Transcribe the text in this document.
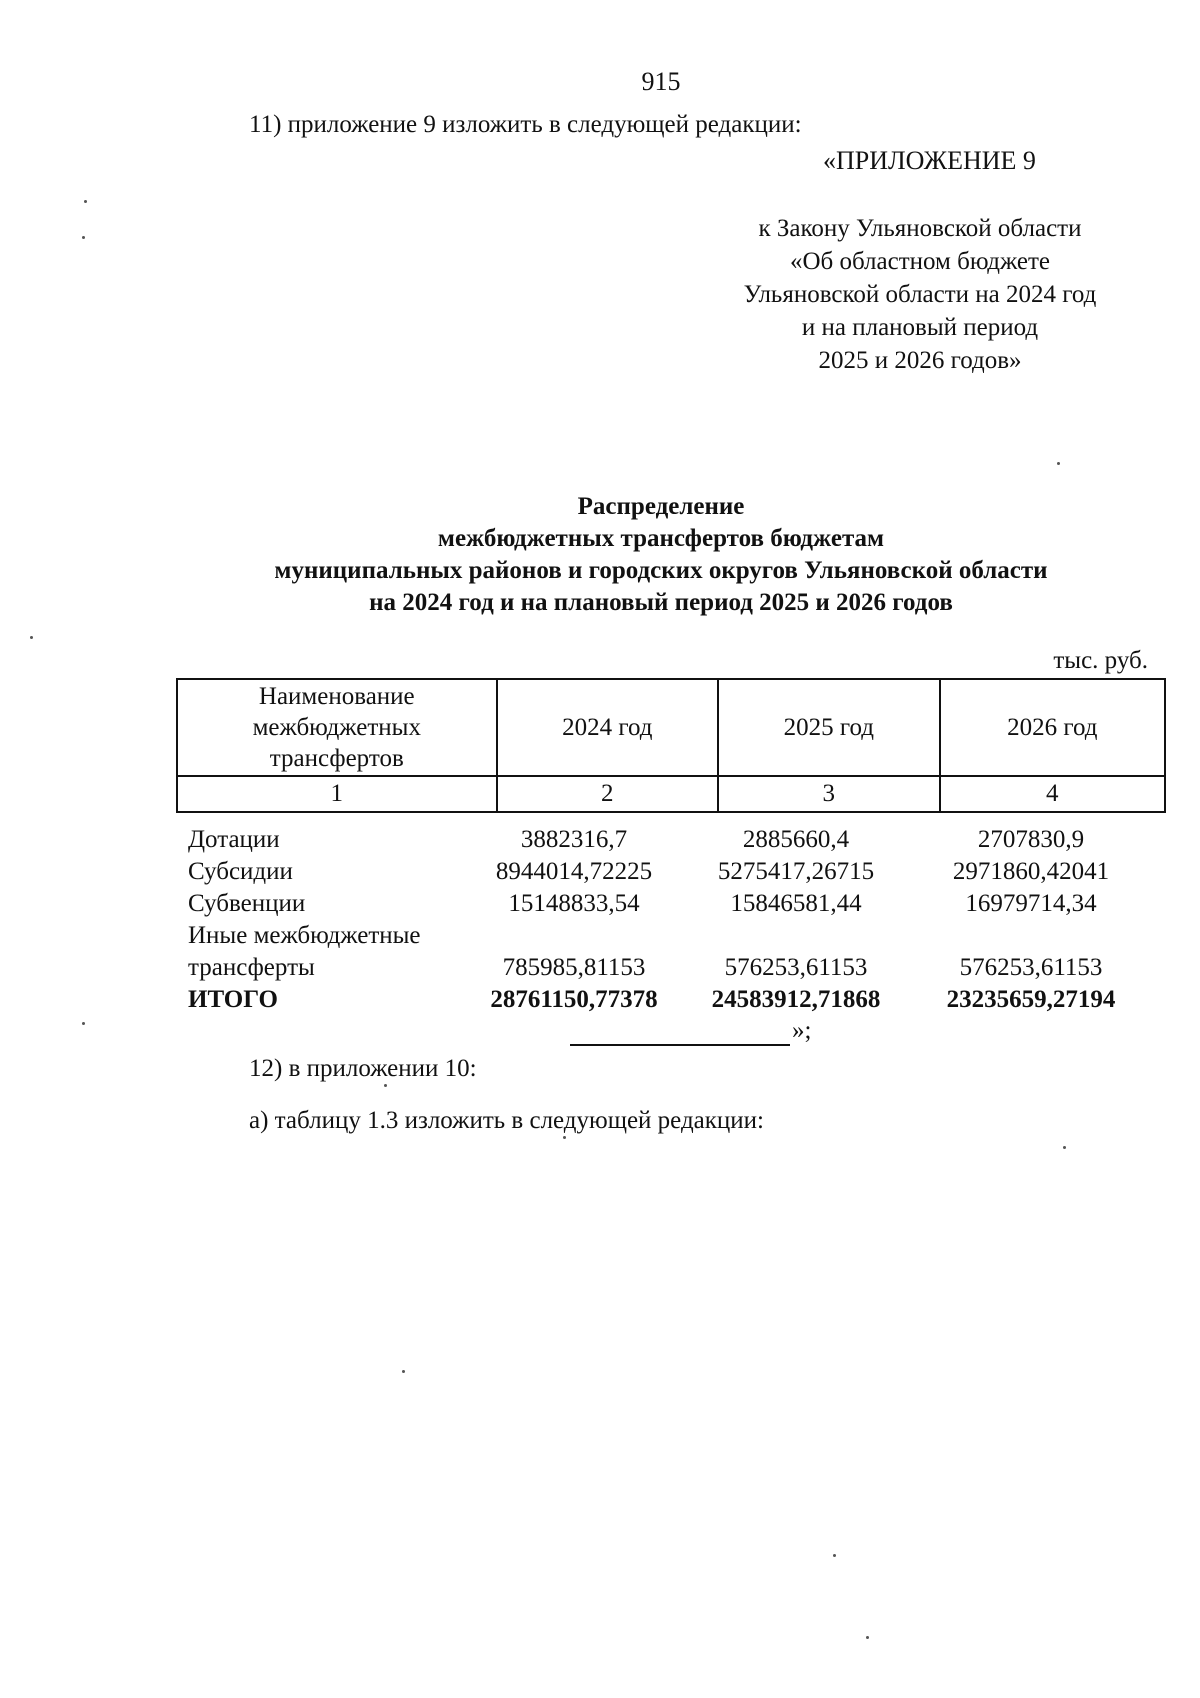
915
11) приложение 9 изложить в следующей редакции:
«ПРИЛОЖЕНИЕ 9
к Закону Ульяновской области
«Об областном бюджете
Ульяновской области на 2024 год
и на плановый период
2025 и 2026 годов»
Распределение
межбюджетных трансфертов бюджетам
муниципальных районов и городских округов Ульяновской области
на 2024 год и на плановый период 2025 и 2026 годов
тыс. руб.
Наименование
межбюджетных
трансфертов	2024 год	2025 год	2026 год
1	2	3	4
Дотации	3882316,7	2885660,4	2707830,9
Субсидии	8944014,72225	5275417,26715	2971860,42041
Субвенции	15148833,54	15846581,44	16979714,34
Иные межбюджетные
трансферты	785985,81153	576253,61153	576253,61153
ИТОГО	28761150,77378	24583912,71868	23235659,27194
»;
12) в приложении 10:
а) таблицу 1.3 изложить в следующей редакции:
